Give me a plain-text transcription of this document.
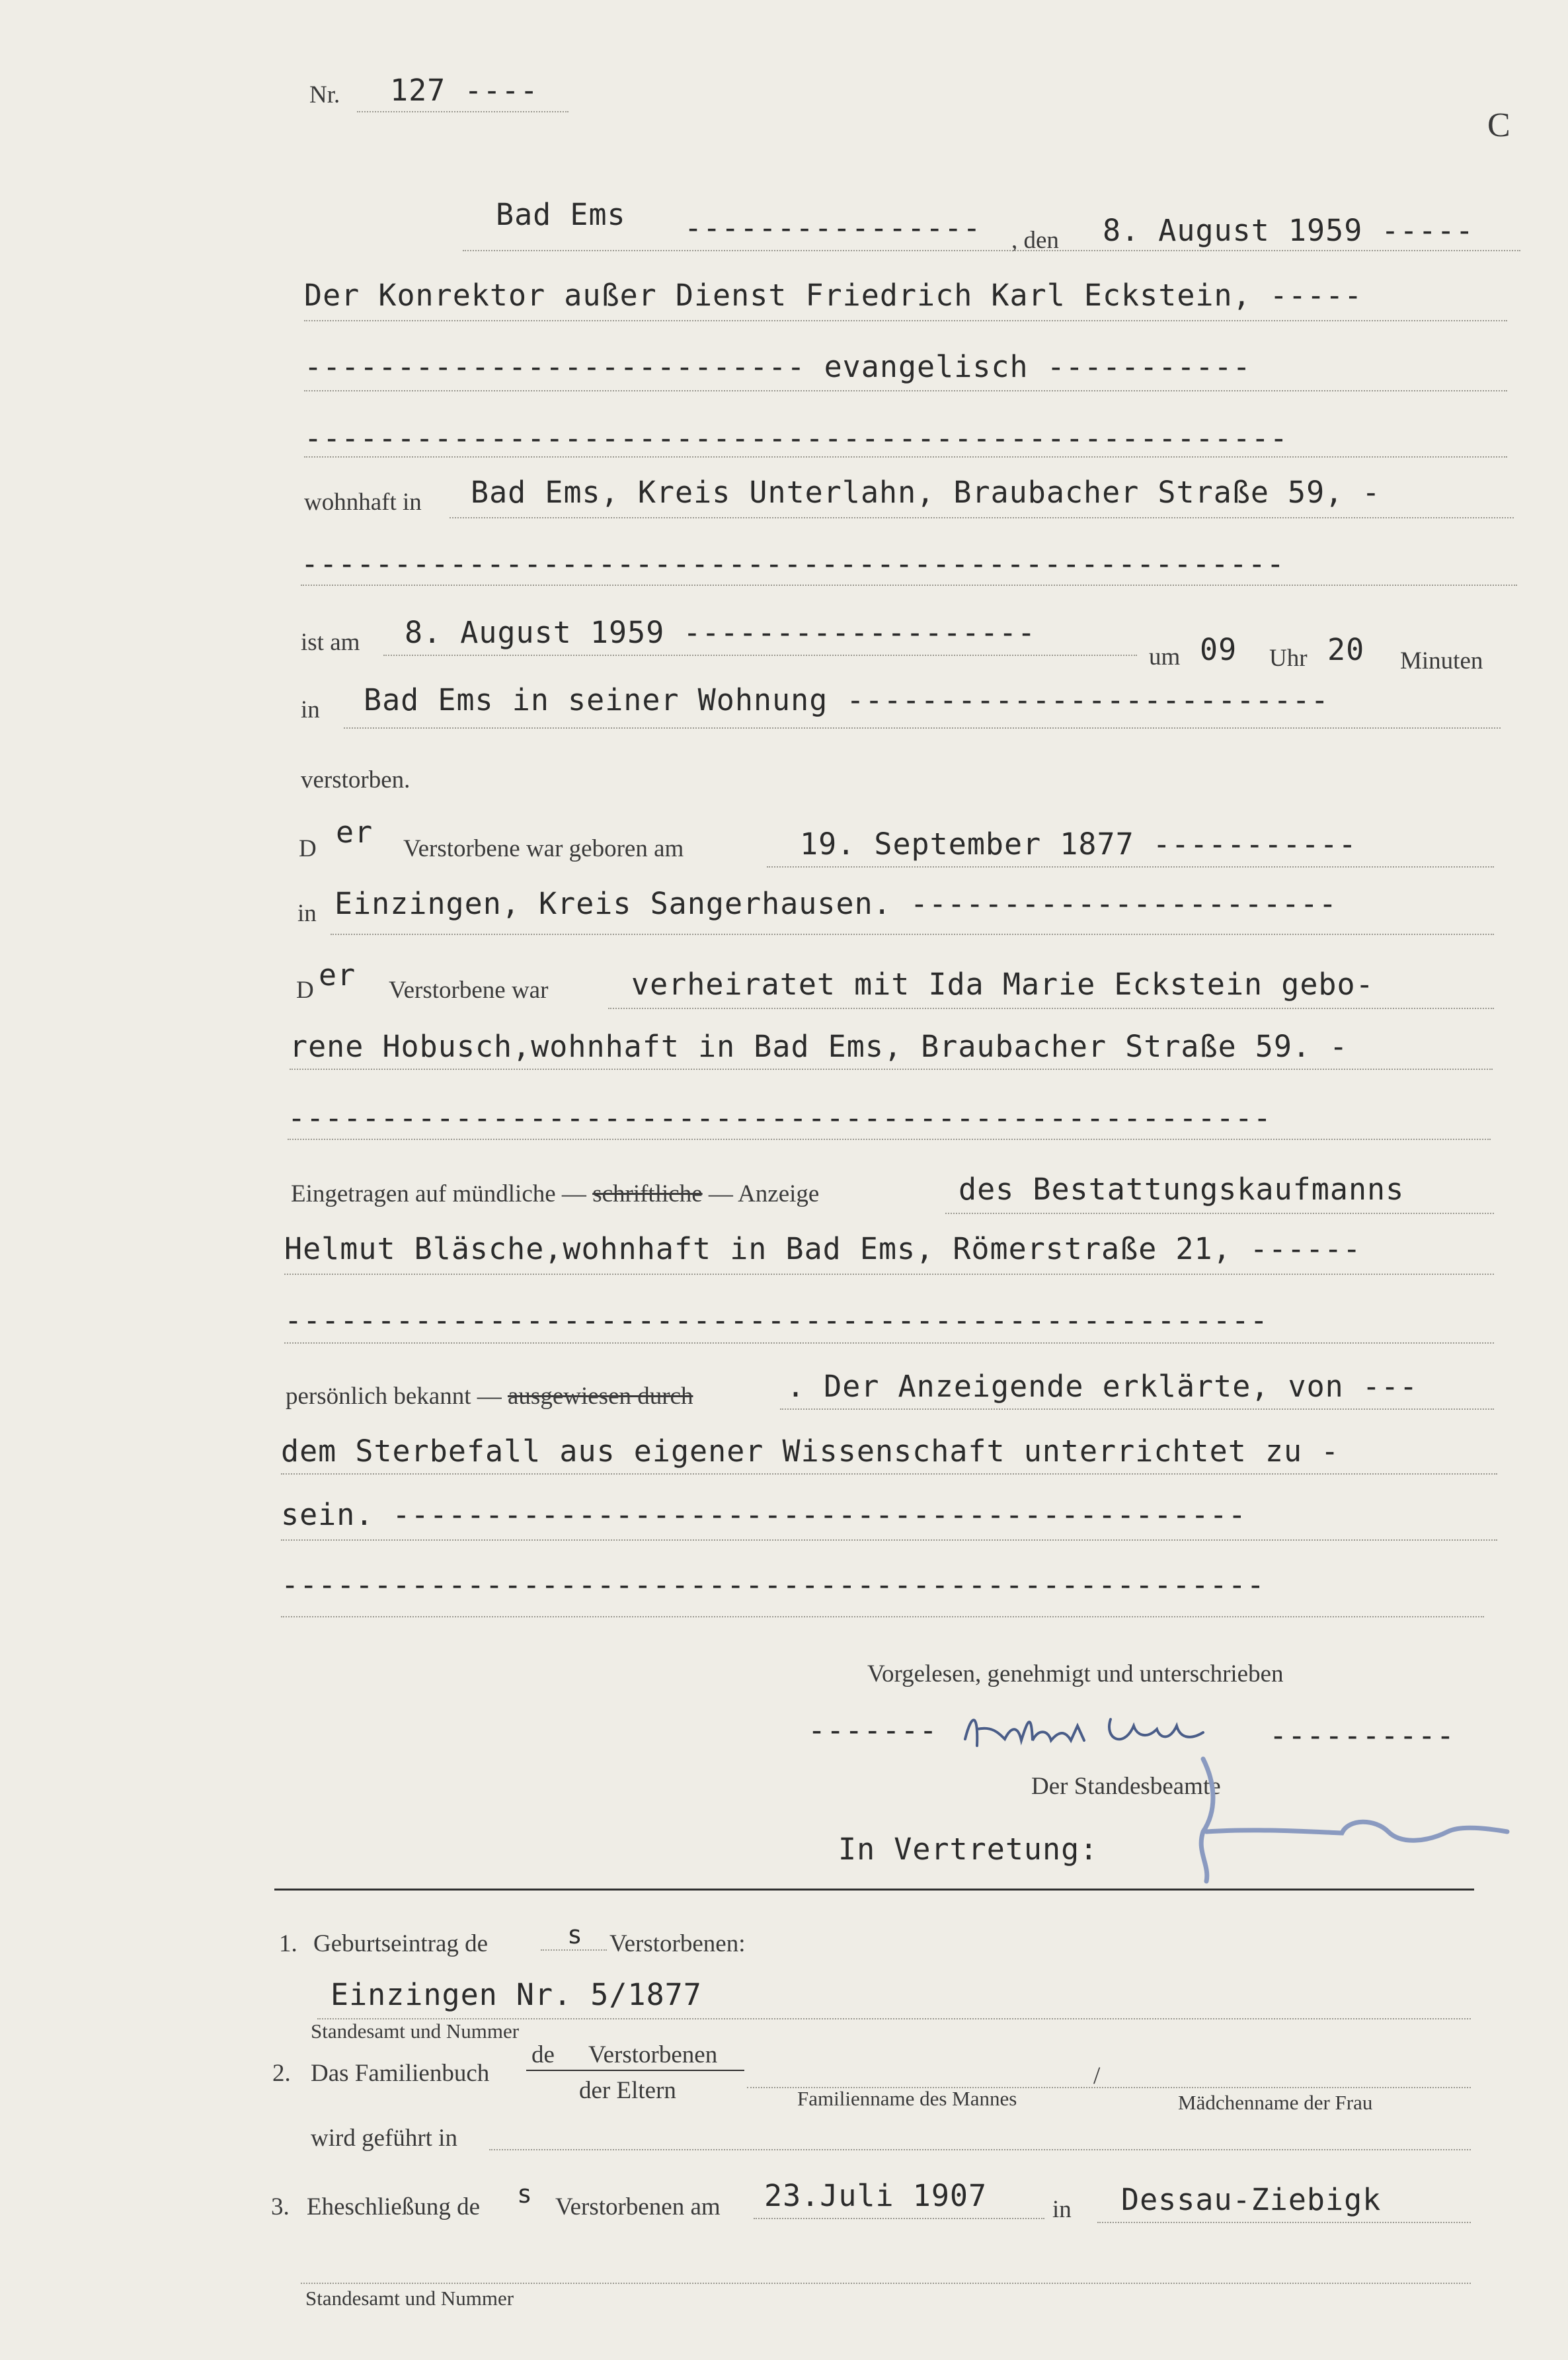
C
Nr. 127 ----
Bad Ems ---------------- , den 8. August 1959 -----
Der Konrektor außer Dienst Friedrich Karl Eckstein, -----
--------------------------- evangelisch -----------
-----------------------------------------------------
wohnhaft in Bad Ems, Kreis Unterlahn, Braubacher Straße 59, -
-----------------------------------------------------
ist am 8. August 1959 -------------------
um 09 Uhr 20 Minuten
in Bad Ems in seiner Wohnung --------------------------
verstorben.
D er Verstorbene war geboren am	19. September 1877 -----------
in Einzingen, Kreis Sangerhausen. -----------------------
D er Verstorbene war	verheiratet mit Ida Marie Eckstein gebo-
rene Hobusch,wohnhaft in Bad Ems, Braubacher Straße 59. -
-----------------------------------------------------
Eingetragen auf mündliche — schriftliche — Anzeige	des Bestattungskaufmanns
Helmut Bläsche,wohnhaft in Bad Ems, Römerstraße 21, ------
-----------------------------------------------------
persönlich bekannt — ausgewiesen durch	. Der Anzeigende erklärte, von ---
dem Sterbefall aus eigener Wissenschaft unterrichtet zu -
sein. ----------------------------------------------
-----------------------------------------------------
Vorgelesen, genehmigt und unterschrieben
-------	----------
Der Standesbeamte
In Vertretung:
1. Geburtseintrag de	s Verstorbenen:
Einzingen Nr. 5/1877
Standesamt und Nummer
2. Das Familienbuch
de Verstorbenen
der Eltern
/
Familienname des Mannes	Mädchenname der Frau
wird geführt in
3. Eheschließung de s Verstorbenen am 23.Juli 1907	in Dessau-Ziebigk
Standesamt und Nummer
